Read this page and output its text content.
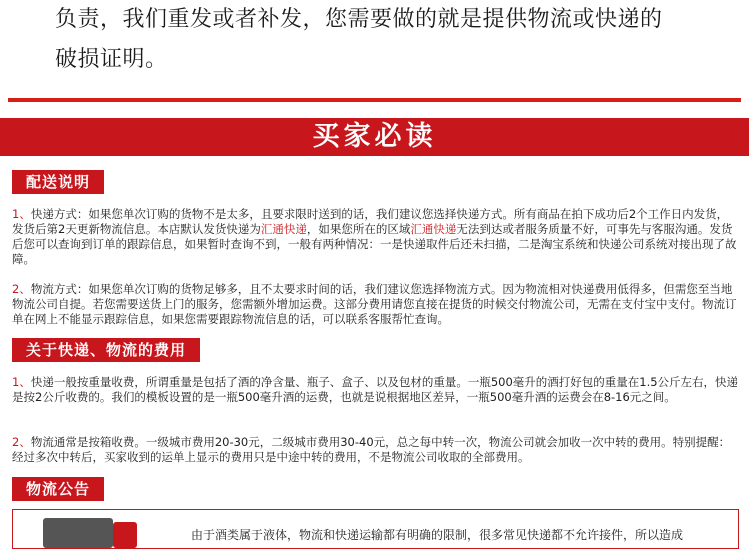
负责，我们重发或者补发，您需要做的就是提供物流或快递的
破损证明。
买家必读
配送说明
1、快递方式：如果您单次订购的货物不是太多，且要求限时送到的话，我们建议您选择快递方式。所有商品在拍下成功后2个工作日内发货，发货后第2天更新物流信息。本店默认发货快递为汇通快递，如果您所在的区域汇通快递无法到达或者服务质量不好，可事先与客服沟通。发货后您可以查询到订单的跟踪信息，如果暂时查询不到，一般有两种情况：一是快递取件后还未扫描，二是淘宝系统和快递公司系统对接出现了故障。
2、物流方式：如果您单次订购的货物足够多，且不太要求时间的话，我们建议您选择物流方式。因为物流相对快递费用低得多，但需您至当地物流公司自提。若您需要送货上门的服务，您需额外增加运费。这部分费用请您直接在提货的时候交付物流公司，无需在支付宝中支付。物流订单在网上不能显示跟踪信息，如果您需要跟踪物流信息的话，可以联系客服帮忙查询。
关于快递、物流的费用
1、快递一般按重量收费，所谓重量是包括了酒的净含量、瓶子、盒子、以及包材的重量。一瓶500毫升的酒打好包的重量在1.5公斤左右，快递是按2公斤收费的。我们的模板设置的是一瓶500毫升酒的运费，也就是说根据地区差异，一瓶500毫升酒的运费会在8-16元之间。
2、物流通常是按箱收费。一级城市费用20-30元，二级城市费用30-40元，总之每中转一次，物流公司就会加收一次中转的费用。特别提醒：经过多次中转后，买家收到的运单上显示的费用只是中途中转的费用，不是物流公司收取的全部费用。
物流公告
由于酒类属于液体，物流和快递运输都有明确的限制，很多常见快递都不允许接件，所以造成
